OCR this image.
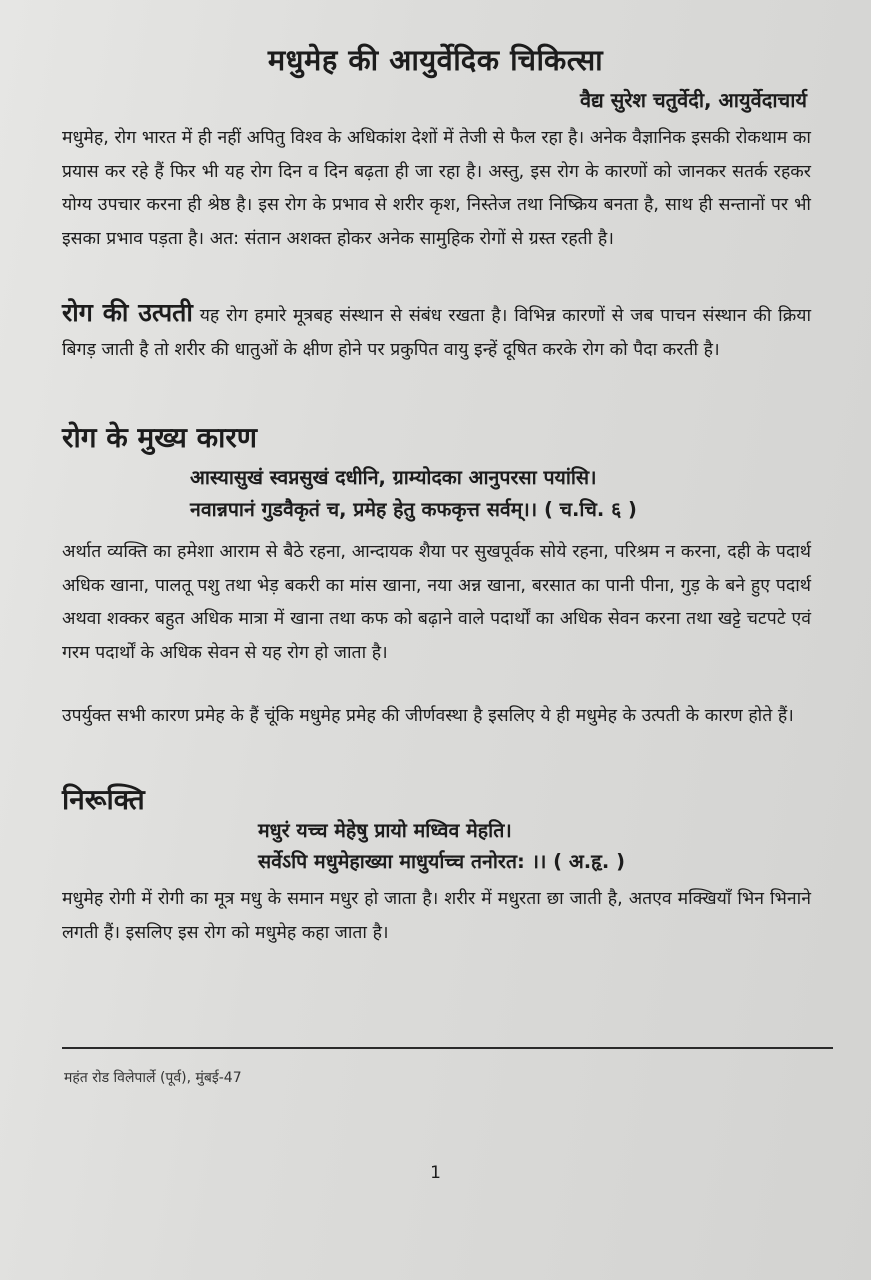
मधुमेह की आयुर्वेदिक चिकित्सा
वैद्य सुरेश चतुर्वेदी, आयुर्वेदाचार्य
मधुमेह, रोग भारत में ही नहीं अपितु विश्व के अधिकांश देशों में तेजी से फैल रहा है। अनेक वैज्ञानिक इसकी रोकथाम का प्रयास कर रहे हैं फिर भी यह रोग दिन व दिन बढ़ता ही जा रहा है। अस्तु, इस रोग के कारणों को जानकर सतर्क रहकर योग्य उपचार करना ही श्रेष्ठ है। इस रोग के प्रभाव से शरीर कृश, निस्तेज तथा निष्क्रिय बनता है, साथ ही सन्तानों पर भी इसका प्रभाव पड़ता है। अत: संतान अशक्त होकर अनेक सामुहिक रोगों से ग्रस्त रहती है।
रोग की उत्पती यह रोग हमारे मूत्रबह संस्थान से संबंध रखता है। विभिन्न कारणों से जब पाचन संस्थान की क्रिया बिगड़ जाती है तो शरीर की धातुओं के क्षीण होने पर प्रकुपित वायु इन्हें दूषित करके रोग को पैदा करती है।
रोग के मुख्य कारण
आस्यासुखं स्वप्नसुखं दधीनि, ग्राम्योदका आनुपरसा पयांसि।
नवान्नपानं गुडवैकृतं च, प्रमेह हेतु कफकृत्त सर्वम्।। ( च.चि. ६ )
अर्थात व्यक्ति का हमेशा आराम से बैठे रहना, आन्दायक शैया पर सुखपूर्वक सोये रहना, परिश्रम न करना, दही के पदार्थ अधिक खाना, पालतू पशु तथा भेड़ बकरी का मांस खाना, नया अन्न खाना, बरसात का पानी पीना, गुड़ के बने हुए पदार्थ अथवा शक्कर बहुत अधिक मात्रा में खाना तथा कफ को बढ़ाने वाले पदार्थों का अधिक सेवन करना तथा खट्टे चटपटे एवं गरम पदार्थों के अधिक सेवन से यह रोग हो जाता है।
उपर्युक्त सभी कारण प्रमेह के हैं चूंकि मधुमेह प्रमेह की जीर्णवस्था है इसलिए ये ही मधुमेह के उत्पती के कारण होते हैं।
निरूक्ति
मधुरं यच्च मेहेषु प्रायो मध्विव मेहति।
सर्वेऽपि मधुमेहाख्या माधुर्याच्च तनोरत: ।। ( अ.हृ. )
मधुमेह रोगी में रोगी का मूत्र मधु के समान मधुर हो जाता है। शरीर में मधुरता छा जाती है, अतएव मक्खियाँ भिन भिनाने लगती हैं। इसलिए इस रोग को मधुमेह कहा जाता है।
महंत रोड विलेपार्ले (पूर्व), मुंबई-47
1
